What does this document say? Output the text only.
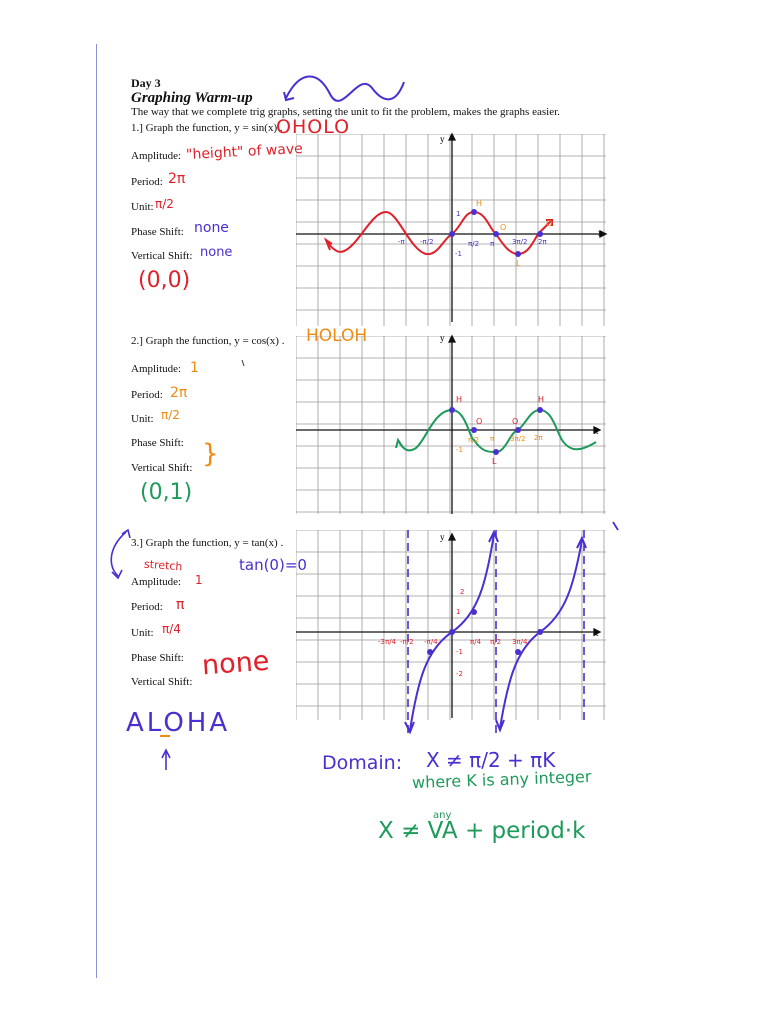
Day 3
Graphing Warm-up
The way that we complete trig graphs, setting the unit to fit the problem, makes the graphs easier.
1.] Graph the function, y = sin(x) .
OHOLO
Amplitude: "height" of wave
Period: 2π
Unit: π/2
Phase Shift: none
Vertical Shift: none
(0,0)
2.] Graph the function, y = cos(x) . HOLOH
Amplitude: 1
Period: 2π
Unit: π/2
Phase Shift: }
Vertical Shift:
(0,1)
3.] Graph the function, y = tan(x) .
tan(0)=0
stretch
Amplitude: 1
Period: π
Unit: π/4
Phase Shift: none
Vertical Shift:
ALOHA
Domain: X ≠ π/2 + πK
where K is any integer
any
X ≠ VA + period·k
x
y
-π -π/2
1
π/2 π	3π/2 2π
-1
H
O
L
O
x
y
H
O
L
O
H
π/2 π 3π/2 2π
-1
x
y
2
1
-1
-2
π/4 π/2 3π/4
-π/4
-π/2
-3π/4
